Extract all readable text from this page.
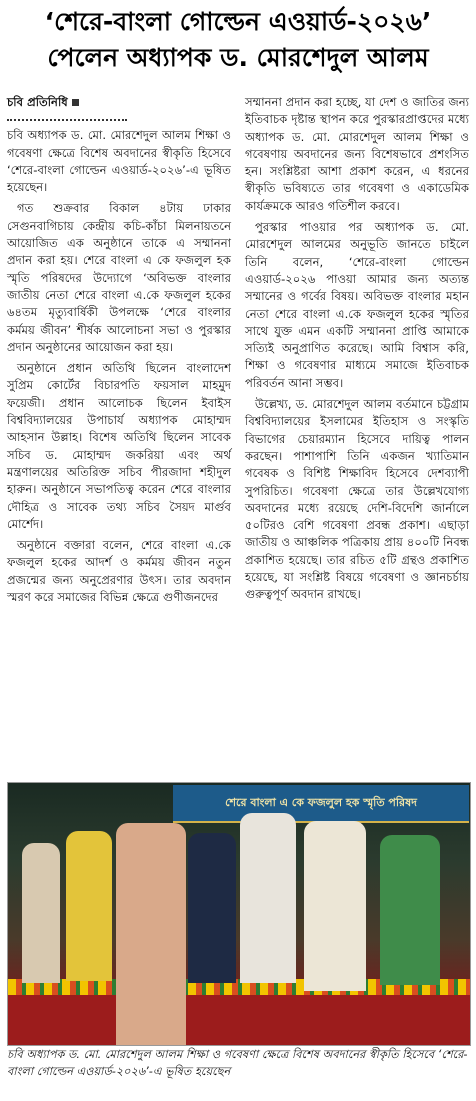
‘শেরে-বাংলা গোল্ডেন এওয়ার্ড-২০২৬’
পেলেন অধ্যাপক ড. মোরশেদুল আলম
চবি প্রতিনিধি

চবি অধ্যাপক ড. মো. মোরশেদুল আলম শিক্ষা ও গবেষণা ক্ষেত্রে বিশেষ অবদানের স্বীকৃতি হিসেবে ‘শেরে-বাংলা গোল্ডেন এওয়ার্ড-২০২৬’-এ ভূষিত হয়েছেন।

গত শুক্রবার বিকাল ৪টায় ঢাকার সেগুনবাগিচায় কেন্দ্রীয় কচি-কাঁচা মিলনায়তনে আয়োজিত এক অনুষ্ঠানে তাকে এ সম্মাননা প্রদান করা হয়। শেরে বাংলা এ কে ফজলুল হক স্মৃতি পরিষদের উদ্যোগে ‘অবিভক্ত বাংলার জাতীয় নেতা শেরে বাংলা এ.কে ফজলুল হকের ৬৪তম মৃত্যুবার্ষিকী উপলক্ষে ‘শেরে বাংলার কর্মময় জীবন’ শীর্ষক আলোচনা সভা ও পুরস্কার প্রদান অনুষ্ঠানের আয়োজন করা হয়।

অনুষ্ঠানে প্রধান অতিথি ছিলেন বাংলাদেশ সুপ্রিম কোর্টের বিচারপতি ফয়সাল মাহমুদ ফয়েজী। প্রধান আলোচক ছিলেন ইবাইস বিশ্ববিদ্যালয়ের উপাচার্য অধ্যাপক মোহাম্মদ আহসান উল্লাহ। বিশেষ অতিথি ছিলেন সাবেক সচিব ড. মোহাম্মদ জকরিয়া এবং অর্থ মন্ত্রণালয়ের অতিরিক্ত সচিব পীরজাদা শহীদুল হারুন। অনুষ্ঠানে সভাপতিত্ব করেন শেরে বাংলার দৌহিত্র ও সাবেক তথ্য সচিব সৈয়দ মার্গুব মোর্শেদ।

অনুষ্ঠানে বক্তারা বলেন, শেরে বাংলা এ.কে ফজলুল হকের আদর্শ ও কর্মময় জীবন নতুন প্রজন্মের জন্য অনুপ্রেরণার উৎস। তার অবদান স্মরণ করে সমাজের বিভিন্ন ক্ষেত্রে গুণীজনদের

সম্মাননা প্রদান করা হচ্ছে, যা দেশ ও জাতির জন্য ইতিবাচক দৃষ্টান্ত স্থাপন করে পুরস্কারপ্রাপ্তদের মধ্যে অধ্যাপক ড. মো. মোরশেদুল আলম শিক্ষা ও গবেষণায় অবদানের জন্য বিশেষভাবে প্রশংসিত হন। সংশ্লিষ্টরা আশা প্রকাশ করেন, এ ধরনের স্বীকৃতি ভবিষ্যতে তার গবেষণা ও একাডেমিক কার্যক্রমকে আরও গতিশীল করবে।

পুরস্কার পাওয়ার পর অধ্যাপক ড. মো. মোরশেদুল আলমের অনুভূতি জানতে চাইলে তিনি বলেন, ‘শেরে-বাংলা গোল্ডেন এওয়ার্ড-২০২৬ পাওয়া আমার জন্য অত্যন্ত সম্মানের ও গর্বের বিষয়। অবিভক্ত বাংলার মহান নেতা শেরে বাংলা এ.কে ফজলুল হকের স্মৃতির সাথে যুক্ত এমন একটি সম্মাননা প্রাপ্তি আমাকে সত্যিই অনুপ্রাণিত করেছে। আমি বিশ্বাস করি, শিক্ষা ও গবেষণার মাধ্যমে সমাজে ইতিবাচক পরিবর্তন আনা সম্ভব।

উল্লেখ্য, ড. মোরশেদুল আলম বর্তমানে চট্টগ্রাম বিশ্ববিদ্যালয়ের ইসলামের ইতিহাস ও সংস্কৃতি বিভাগের চেয়ারম্যান হিসেবে দায়িত্ব পালন করছেন। পাশাপাশি তিনি একজন খ্যাতিমান গবেষক ও বিশিষ্ট শিক্ষাবিদ হিসেবে দেশব্যাপী সুপরিচিত। গবেষণা ক্ষেত্রে তার উল্লেখযোগ্য অবদানের মধ্যে রয়েছে দেশি-বিদেশি জার্নালে ৫০টিরও বেশি গবেষণা প্রবন্ধ প্রকাশ। এছাড়া জাতীয় ও আঞ্চলিক পত্রিকায় প্রায় ৪০০টি নিবন্ধ প্রকাশিত হয়েছে। তার রচিত ৫টি গ্রন্থও প্রকাশিত হয়েছে, যা সংশ্লিষ্ট বিষয়ে গবেষণা ও জ্ঞানচর্চায় গুরুত্বপূর্ণ অবদান রাখছে।

শেরে বাংলা এ কে ফজলুল হক স্মৃতি পরিষদ
চবি অধ্যাপক ড. মো. মোরশেদুল আলম শিক্ষা ও গবেষণা ক্ষেত্রে বিশেষ অবদানের স্বীকৃতি হিসেবে ‘শেরে-বাংলা গোল্ডেন এওয়ার্ড-২০২৬’-এ ভূষিত হয়েছেন
